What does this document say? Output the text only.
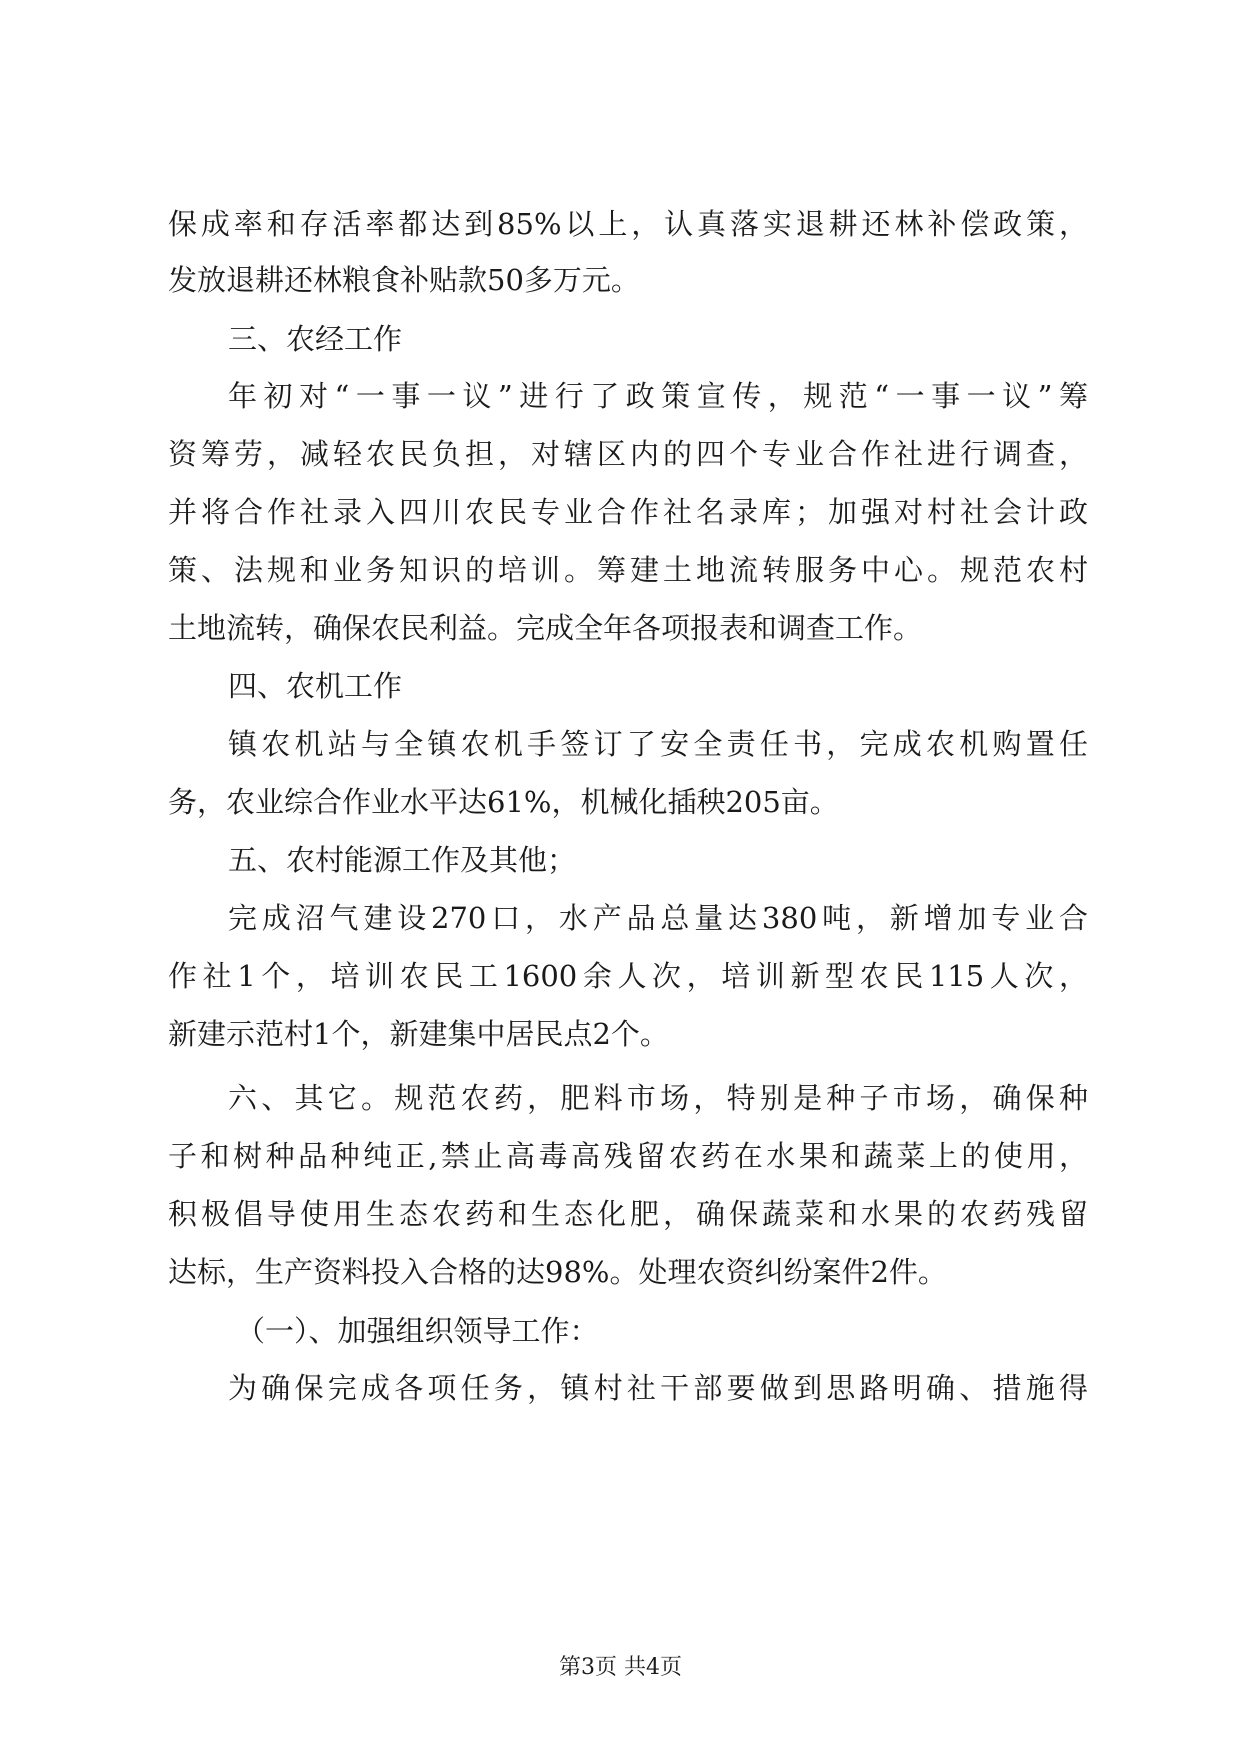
保成率和存活率都达到85%以上，认真落实退耕还林补偿政策，
发放退耕还林粮食补贴款50多万元。
三、农经工作
年初对“一事一议”进行了政策宣传，规范“一事一议”筹
资筹劳，减轻农民负担，对辖区内的四个专业合作社进行调查，
并将合作社录入四川农民专业合作社名录库；加强对村社会计政
策、法规和业务知识的培训。筹建土地流转服务中心。规范农村
土地流转，确保农民利益。完成全年各项报表和调查工作。
四、农机工作
镇农机站与全镇农机手签订了安全责任书，完成农机购置任
务，农业综合作业水平达61%，机械化插秧205亩。
五、农村能源工作及其他；
完成沼气建设270口，水产品总量达380吨，新增加专业合
作社1个，培训农民工1600余人次，培训新型农民115人次，
新建示范村1个，新建集中居民点2个。
六、其它。规范农药，肥料市场，特别是种子市场，确保种
子和树种品种纯正,禁止高毒高残留农药在水果和蔬菜上的使用，
积极倡导使用生态农药和生态化肥，确保蔬菜和水果的农药残留
达标，生产资料投入合格的达98%。处理农资纠纷案件2件。
（一）、加强组织领导工作：
为确保完成各项任务，镇村社干部要做到思路明确、措施得
第3页 共4页
